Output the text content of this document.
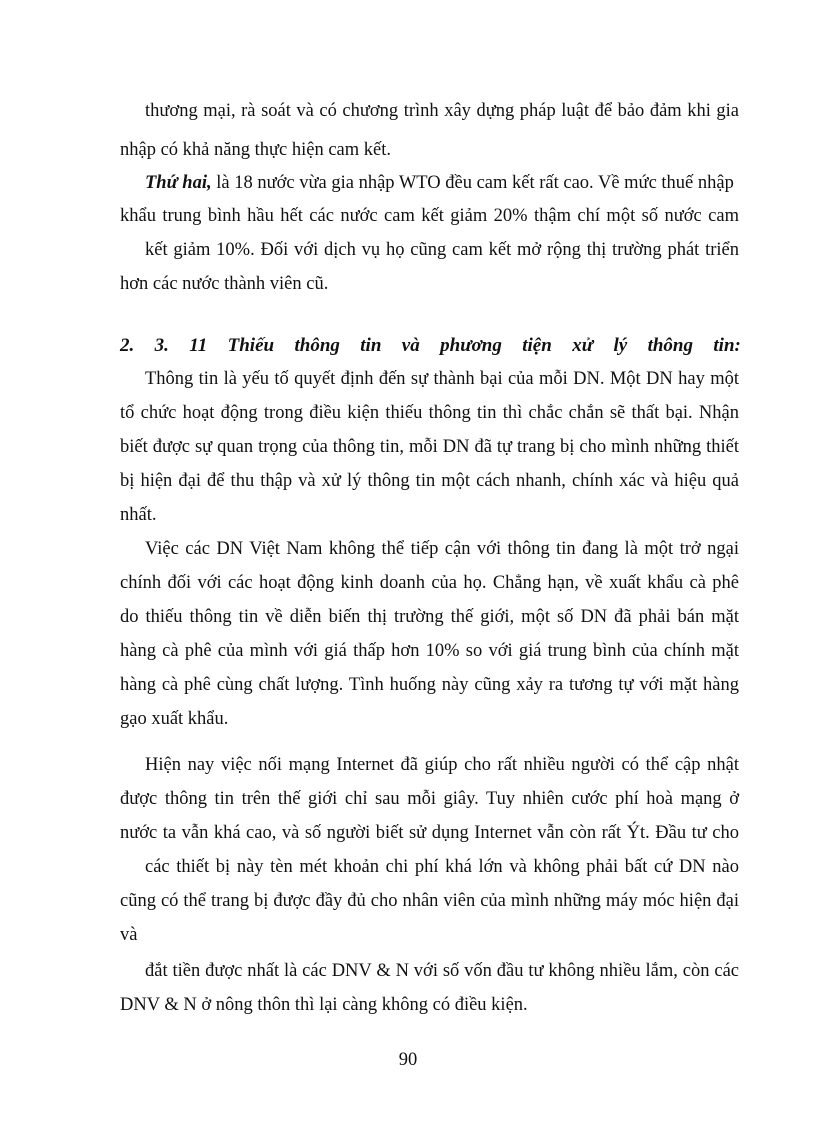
thương mại, rà soát và có chương trình xây dựng pháp luật để bảo đảm khi gia
nhập có khả năng thực hiện cam kết.
Thứ hai, là 18 nước vừa gia nhập WTO đều cam kết rất cao. Về mức thuế nhập
khẩu trung bình hầu hết các nước cam kết giảm 20% thậm chí một số nước cam
kết giảm 10%. Đối với dịch vụ họ cũng cam kết mở rộng thị trường phát triển
hơn các nước thành viên cũ.
2. 3. 11 Thiếu thông tin và phương tiện xử lý thông tin:
Thông tin là yếu tố quyết định đến sự thành bại của mỗi DN. Một DN hay một
tổ chức hoạt động trong điều kiện thiếu thông tin thì chắc chắn sẽ thất bại. Nhận
biết được sự quan trọng của thông tin, mỗi DN đã tự trang bị cho mình những thiết
bị hiện đại để thu thập và xử lý thông tin một cách nhanh, chính xác và hiệu quả
nhất.
Việc các DN Việt Nam không thể tiếp cận với thông tin đang là một trở ngại
chính đối với các hoạt động kinh doanh của họ. Chẳng hạn, về xuất khẩu cà phê
do thiếu thông tin về diễn biến thị trường thế giới, một số DN đã phải bán mặt
hàng cà phê của mình với giá thấp hơn 10% so với giá trung bình của chính mặt
hàng cà phê cùng chất lượng. Tình huống này cũng xảy ra tương tự với mặt hàng
gạo xuất khẩu.
Hiện nay việc nối mạng Internet đã giúp cho rất nhiều người có thể cập nhật
được thông tin trên thế giới chỉ sau mỗi giây. Tuy nhiên cước phí hoà mạng ở
nước ta vẫn khá cao, và số người biết sử dụng Internet vẫn còn rất Ýt. Đầu tư cho
các thiết bị này tèn mét khoản chi phí khá lớn và không phải bất cứ DN nào
cũng có thể trang bị được đầy đủ cho nhân viên của mình những máy móc hiện đại
và
đắt tiền được nhất là các DNV & N với số vốn đầu tư không nhiều lắm, còn các
DNV & N ở nông thôn thì lại càng không có điều kiện.
90
